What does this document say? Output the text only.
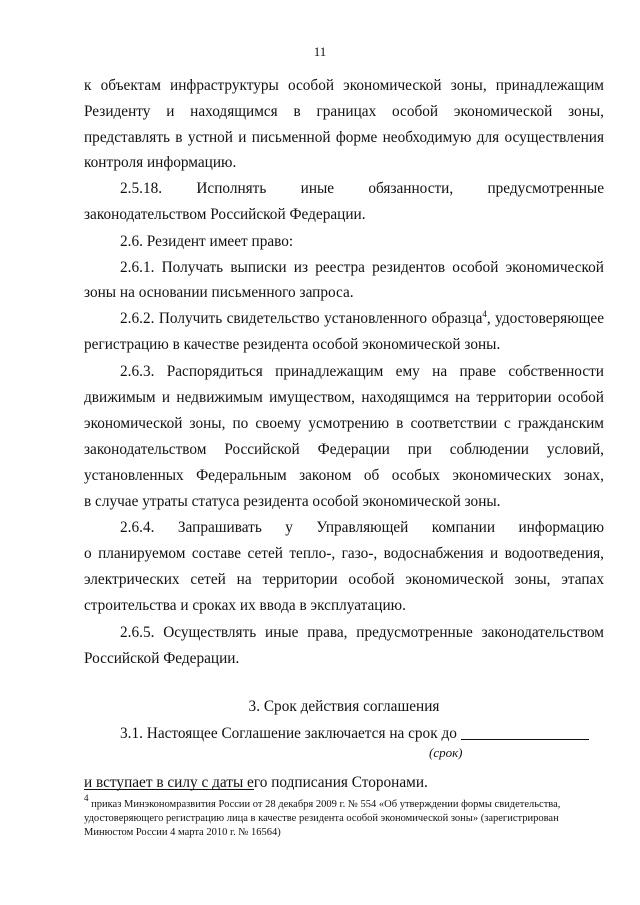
11
к объектам инфраструктуры особой экономической зоны, принадлежащим
Резиденту и находящимся в границах особой экономической зоны,
представлять в устной и письменной форме необходимую для осуществления
контроля информацию.
2.5.18. Исполнять иные обязанности, предусмотренные
законодательством Российской Федерации.
2.6. Резидент имеет право:
2.6.1. Получать выписки из реестра резидентов особой экономической
зоны на основании письменного запроса.
2.6.2. Получить свидетельство установленного образца$^4$, удостоверяющее
регистрацию в качестве резидента особой экономической зоны.
2.6.3. Распорядиться принадлежащим ему на праве собственности
движимым и недвижимым имуществом, находящимся на территории особой
экономической зоны, по своему усмотрению в соответствии с гражданским
законодательством Российской Федерации при соблюдении условий,
установленных Федеральным законом об особых экономических зонах,
в случае утраты статуса резидента особой экономической зоны.
2.6.4. Запрашивать у Управляющей компании информацию
о планируемом составе сетей тепло-, газо-, водоснабжения и водоотведения,
электрических сетей на территории особой экономической зоны, этапах
строительства и сроках их ввода в эксплуатацию.
2.6.5. Осуществлять иные права, предусмотренные законодательством
Российской Федерации.
3. Срок действия соглашения
3.1. Настоящее Соглашение заключается на срок до
и вступает в силу с даты его подписания Сторонами.
(срок)
$^4$ приказ Минэкономразвития России от 28 декабря 2009 г. № 554 «Об утверждении формы свидетельства,
удостоверяющего регистрацию лица в качестве резидента особой экономической зоны» (зарегистрирован
Минюстом России 4 марта 2010 г. № 16564)
